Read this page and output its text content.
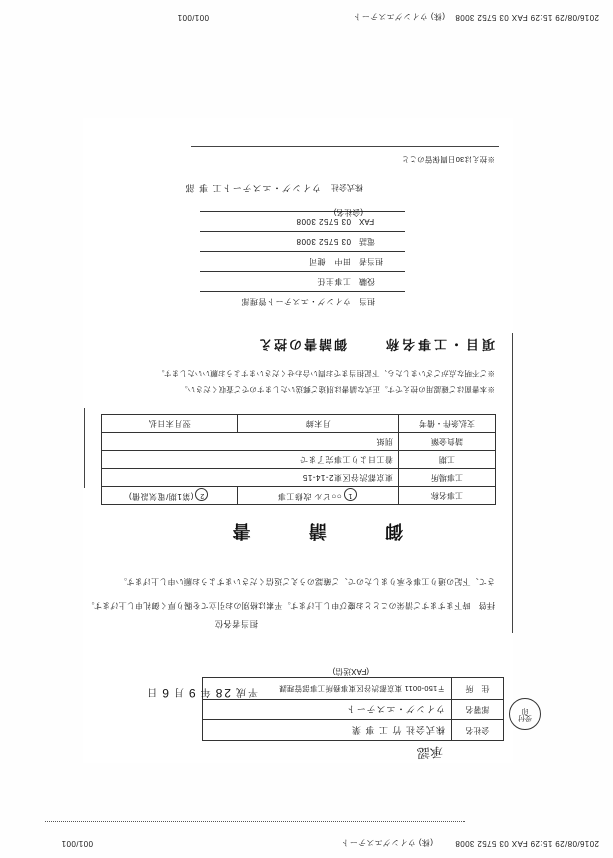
2016/08/29 15:29 FAX 03 5752 3008
(株) ウイングエステート
001/001
2016/08/29 15:29 FAX 03 5752 3008
(株) ウイングエステート
001/001
承認
受付
印
会社名
株式会社 竹 工 事 業
部署名
ウイング・エステート
住　所
〒150-0011 東京都渋谷区東事務所工事部管理課
平成28年9月6日
(FAX送信)
担当者各位
拝啓　時下ますますご清栄のこととお慶び申し上げます。平素は格別のお引立てを賜り厚く御礼申し上げます。
さて、下記の通り工事を承りましたので、ご確認のうえご返信くださいますようお願い申し上げます。
御 請 書
工事名称	1○○ビル 改修工事	2(第1期/電気設備)
工事場所	東京都渋谷区東2-14-15	
工期	着工日より工事完了まで	
請負金額	別紙	
支払条件・備考	月末締	翌月末日払
※本書面はご確認用の控えです。正式な請書は別途ご郵送いたしますのでご査収ください。
※ご不明な点がございましたら、下記担当までお問い合わせくださいますようお願いいたします。
項目・工事名称御請書の控え
担当
ウイング・エステート管理部
役職
工事主任
担当者
田中　健司
電話
03 5752 3008
FAX
03 5752 3008
(会社名)
株式会社ウイング・エステート工 事 部
※控えは30日間保管のこと
